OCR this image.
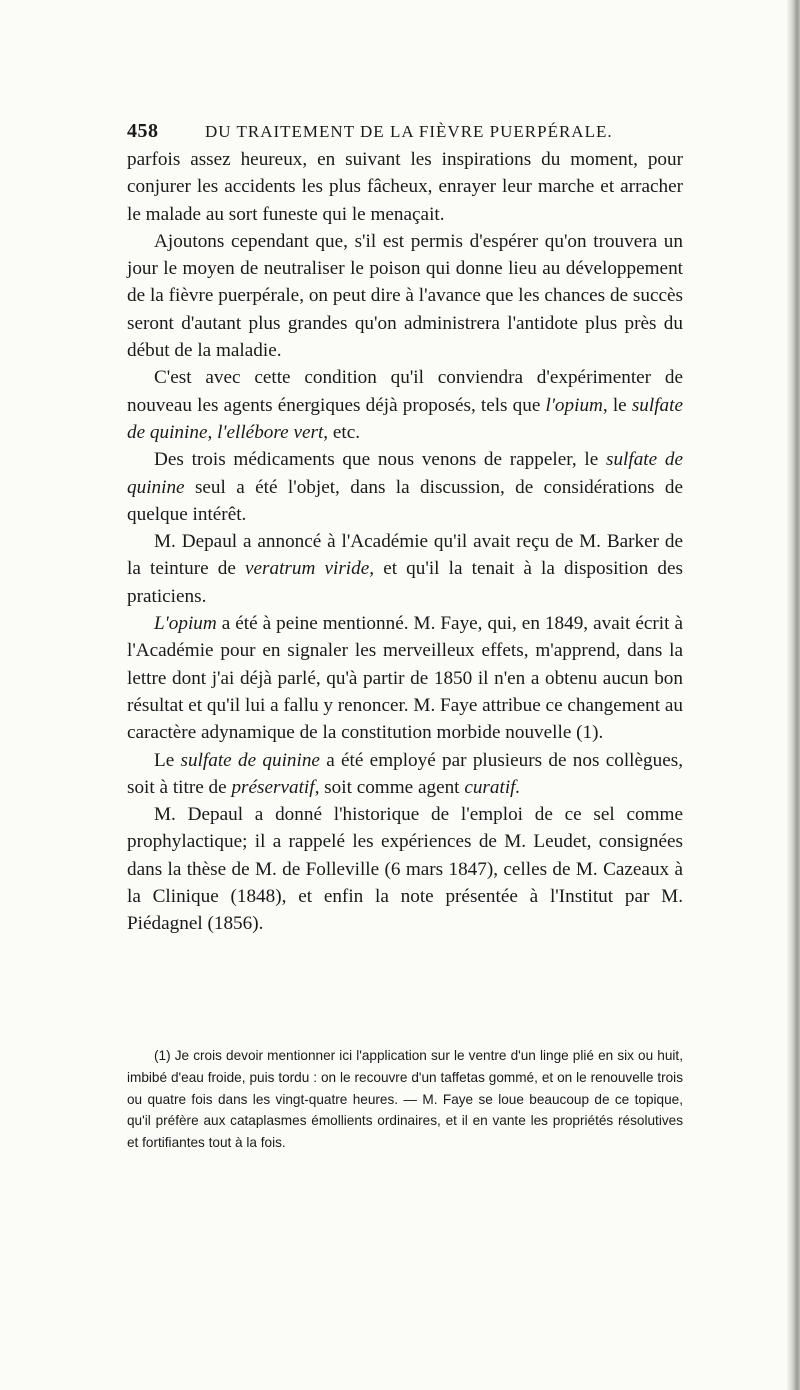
458	DU TRAITEMENT DE LA FIÈVRE PUERPÉRALE.

parfois assez heureux, en suivant les inspirations du moment, pour conjurer les accidents les plus fâcheux, enrayer leur marche et arracher le malade au sort funeste qui le menaçait.

Ajoutons cependant que, s'il est permis d'espérer qu'on trouvera un jour le moyen de neutraliser le poison qui donne lieu au développement de la fièvre puerpérale, on peut dire à l'avance que les chances de succès seront d'autant plus grandes qu'on administrera l'antidote plus près du début de la maladie.

C'est avec cette condition qu'il conviendra d'expérimenter de nouveau les agents énergiques déjà proposés, tels que l'opium, le sulfate de quinine, l'ellébore vert, etc.

Des trois médicaments que nous venons de rappeler, le sulfate de quinine seul a été l'objet, dans la discussion, de considérations de quelque intérêt.

M. Depaul a annoncé à l'Académie qu'il avait reçu de M. Barker de la teinture de veratrum viride, et qu'il la tenait à la disposition des praticiens.

L'opium a été à peine mentionné. M. Faye, qui, en 1849, avait écrit à l'Académie pour en signaler les merveilleux effets, m'apprend, dans la lettre dont j'ai déjà parlé, qu'à partir de 1850 il n'en a obtenu aucun bon résultat et qu'il lui a fallu y renoncer. M. Faye attribue ce changement au caractère adynamique de la constitution morbide nouvelle (1).

Le sulfate de quinine a été employé par plusieurs de nos collègues, soit à titre de préservatif, soit comme agent curatif.

M. Depaul a donné l'historique de l'emploi de ce sel comme prophylactique; il a rappelé les expériences de M. Leudet, consignées dans la thèse de M. de Folleville (6 mars 1847), celles de M. Cazeaux à la Clinique (1848), et enfin la note présentée à l'Institut par M. Piédagnel (1856).

(1) Je crois devoir mentionner ici l'application sur le ventre d'un linge plié en six ou huit, imbibé d'eau froide, puis tordu : on le recouvre d'un taffetas gommé, et on le renouvelle trois ou quatre fois dans les vingt-quatre heures. — M. Faye se loue beaucoup de ce topique, qu'il préfère aux cataplasmes émollients ordinaires, et il en vante les propriétés résolutives et fortifiantes tout à la fois.
